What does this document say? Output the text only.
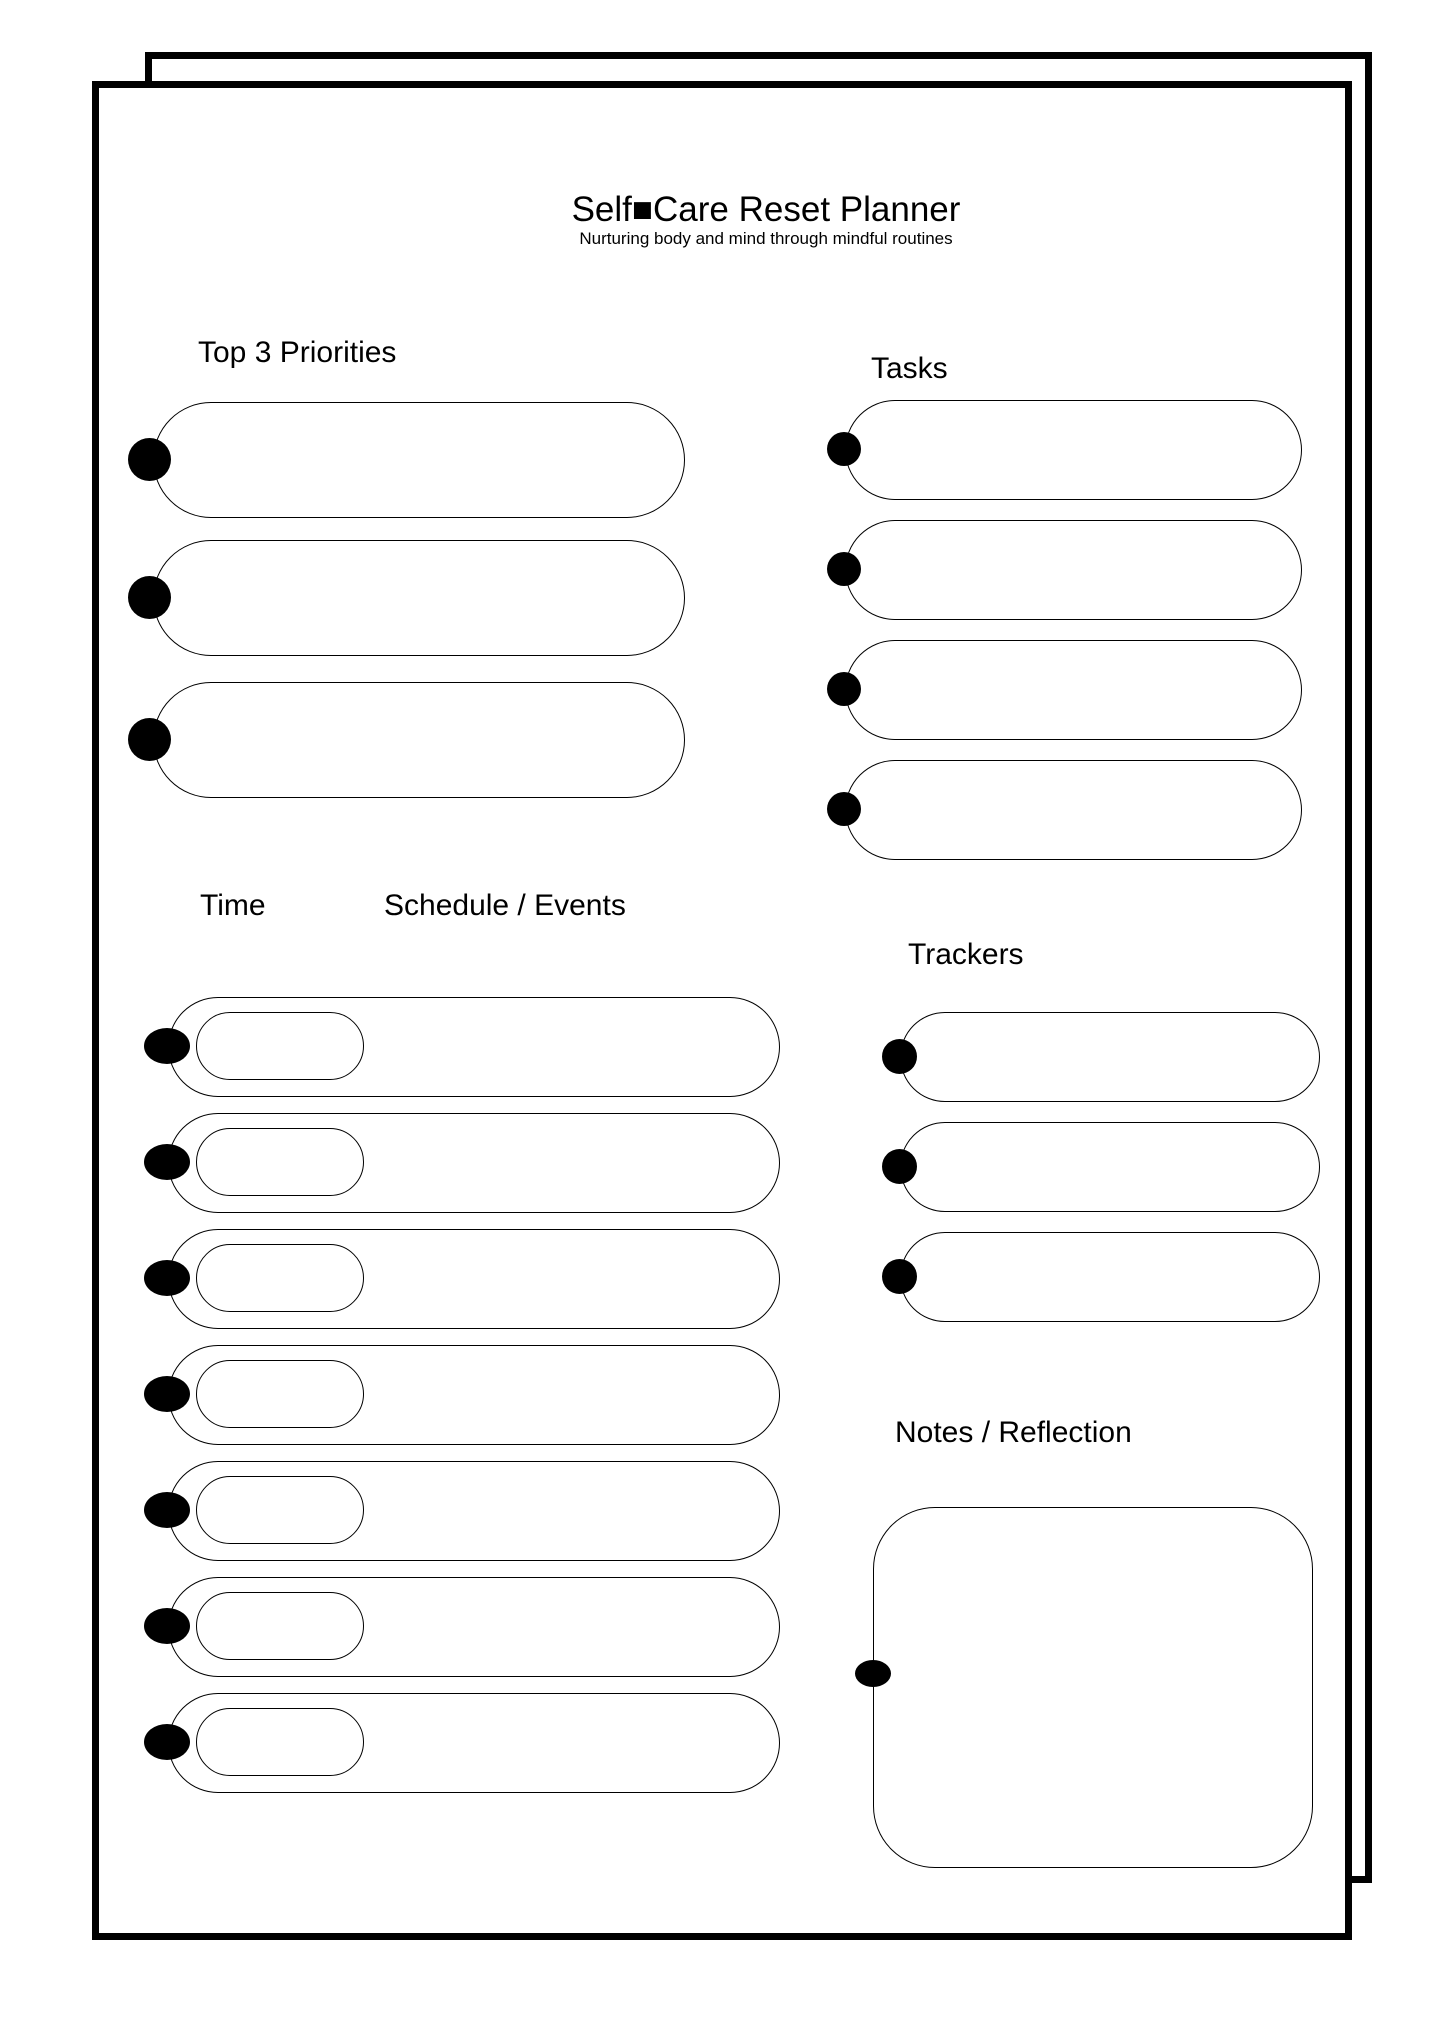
Self■Care Reset Planner
Nurturing body and mind through mindful routines
Top 3 Priorities	Tasks
Time	Schedule / Events
Trackers
Notes / Reflection
